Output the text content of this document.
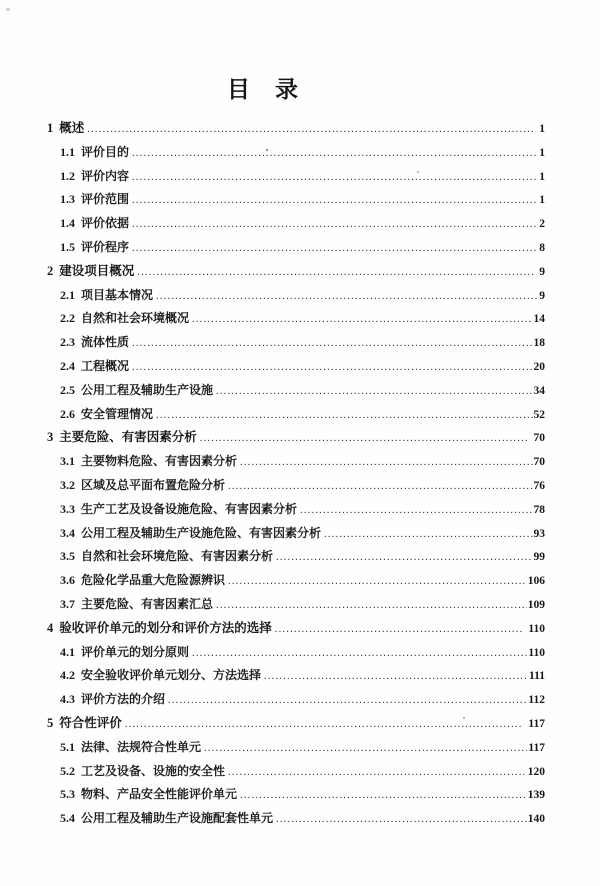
目　录
1 概述 .....	1
1.1 评价目的 .....	1
1.2 评价内容 .....	1
1.3 评价范围 .....	1
1.4 评价依据 .....	2
1.5 评价程序 .....	8
2 建设项目概况 .....	9
2.1 项目基本情况 .....	9
2.2 自然和社会环境概况 .....	14
2.3 流体性质 .....	18
2.4 工程概况 .....	20
2.5 公用工程及辅助生产设施 .....	34
2.6 安全管理情况 .....	52
3 主要危险、有害因素分析 .....	70
3.1 主要物料危险、有害因素分析 .....	70
3.2 区域及总平面布置危险分析 .....	76
3.3 生产工艺及设备设施危险、有害因素分析 .....	78
3.4 公用工程及辅助生产设施危险、有害因素分析 .....	93
3.5 自然和社会环境危险、有害因素分析 .....	99
3.6 危险化学品重大危险源辨识 .....	106
3.7 主要危险、有害因素汇总 .....	109
4 验收评价单元的划分和评价方法的选择 .....	110
4.1 评价单元的划分原则 .....	110
4.2 安全验收评价单元划分、方法选择 .....	111
4.3 评价方法的介绍 .....	112
5 符合性评价 .....	117
5.1 法律、法规符合性单元 .....	117
5.2 工艺及设备、设施的安全性 .....	120
5.3 物料、产品安全性能评价单元 .....	139
5.4 公用工程及辅助生产设施配套性单元 .....	140
